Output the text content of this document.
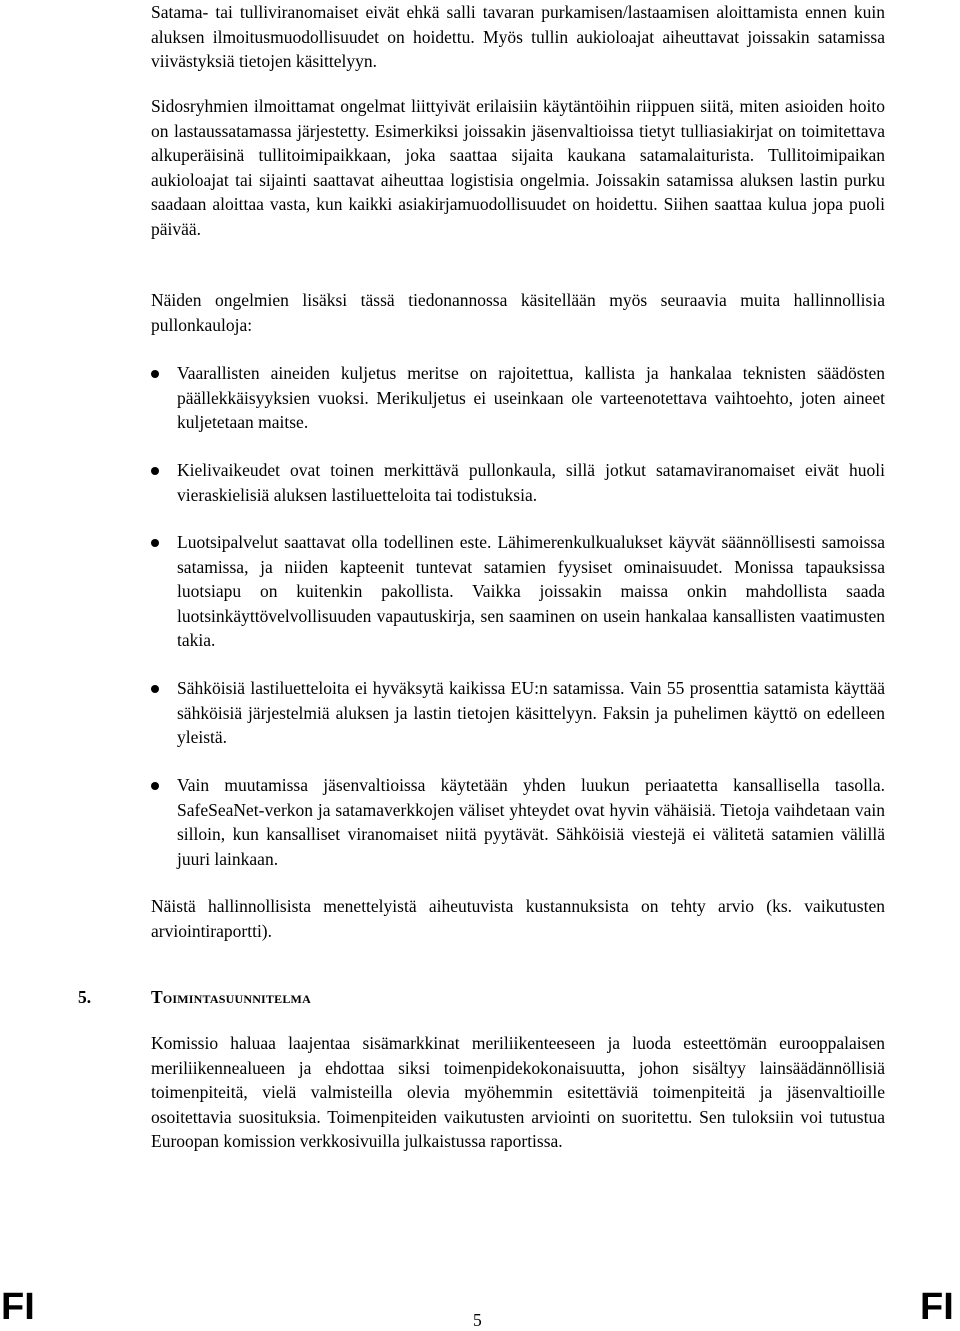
Satama- tai tulliviranomaiset eivät ehkä salli tavaran purkamisen/lastaamisen aloittamista ennen kuin aluksen ilmoitusmuodollisuudet on hoidettu. Myös tullin aukioloajat aiheuttavat joissakin satamissa viivästyksiä tietojen käsittelyyn.

Sidosryhmien ilmoittamat ongelmat liittyivät erilaisiin käytäntöihin riippuen siitä, miten asioiden hoito on lastaussatamassa järjestetty. Esimerkiksi joissakin jäsenvaltioissa tietyt tulliasiakirjat on toimitettava alkuperäisinä tullitoimipaikkaan, joka saattaa sijaita kaukana satamalaiturista. Tullitoimipaikan aukioloajat tai sijainti saattavat aiheuttaa logistisia ongelmia. Joissakin satamissa aluksen lastin purku saadaan aloittaa vasta, kun kaikki asiakirjamuodollisuudet on hoidettu. Siihen saattaa kulua jopa puoli päivää.

Näiden ongelmien lisäksi tässä tiedonannossa käsitellään myös seuraavia muita hallinnollisia pullonkauloja:

Vaarallisten aineiden kuljetus meritse on rajoitettua, kallista ja hankalaa teknisten säädösten päällekkäisyyksien vuoksi. Merikuljetus ei useinkaan ole varteenotettava vaihtoehto, joten aineet kuljetetaan maitse.

Kielivaikeudet ovat toinen merkittävä pullonkaula, sillä jotkut satamaviranomaiset eivät huoli vieraskielisiä aluksen lastiluetteloita tai todistuksia.

Luotsipalvelut saattavat olla todellinen este. Lähimerenkulkualukset käyvät säännöllisesti samoissa satamissa, ja niiden kapteenit tuntevat satamien fyysiset ominaisuudet. Monissa tapauksissa luotsiapu on kuitenkin pakollista. Vaikka joissakin maissa onkin mahdollista saada luotsinkäyttövelvollisuuden vapautuskirja, sen saaminen on usein hankalaa kansallisten vaatimusten takia.

Sähköisiä lastiluetteloita ei hyväksytä kaikissa EU:n satamissa. Vain 55 prosenttia satamista käyttää sähköisiä järjestelmiä aluksen ja lastin tietojen käsittelyyn. Faksin ja puhelimen käyttö on edelleen yleistä.

Vain muutamissa jäsenvaltioissa käytetään yhden luukun periaatetta kansallisella tasolla. SafeSeaNet-verkon ja satamaverkkojen väliset yhteydet ovat hyvin vähäisiä. Tietoja vaihdetaan vain silloin, kun kansalliset viranomaiset niitä pyytävät. Sähköisiä viestejä ei välitetä satamien välillä juuri lainkaan.

Näistä hallinnollisista menettelyistä aiheutuvista kustannuksista on tehty arvio (ks. vaikutusten arviointiraportti).

5.	Toimintasuunnitelma

Komissio haluaa laajentaa sisämarkkinat meriliikenteeseen ja luoda esteettömän eurooppalaisen meriliikennealueen ja ehdottaa siksi toimenpidekokonaisuutta, johon sisältyy lainsäädännöllisiä toimenpiteitä, vielä valmisteilla olevia myöhemmin esitettäviä toimenpiteitä ja jäsenvaltioille osoitettavia suosituksia. Toimenpiteiden vaikutusten arviointi on suoritettu. Sen tuloksiin voi tutustua Euroopan komission verkkosivuilla julkaistussa raportissa.

FI	5	FI
